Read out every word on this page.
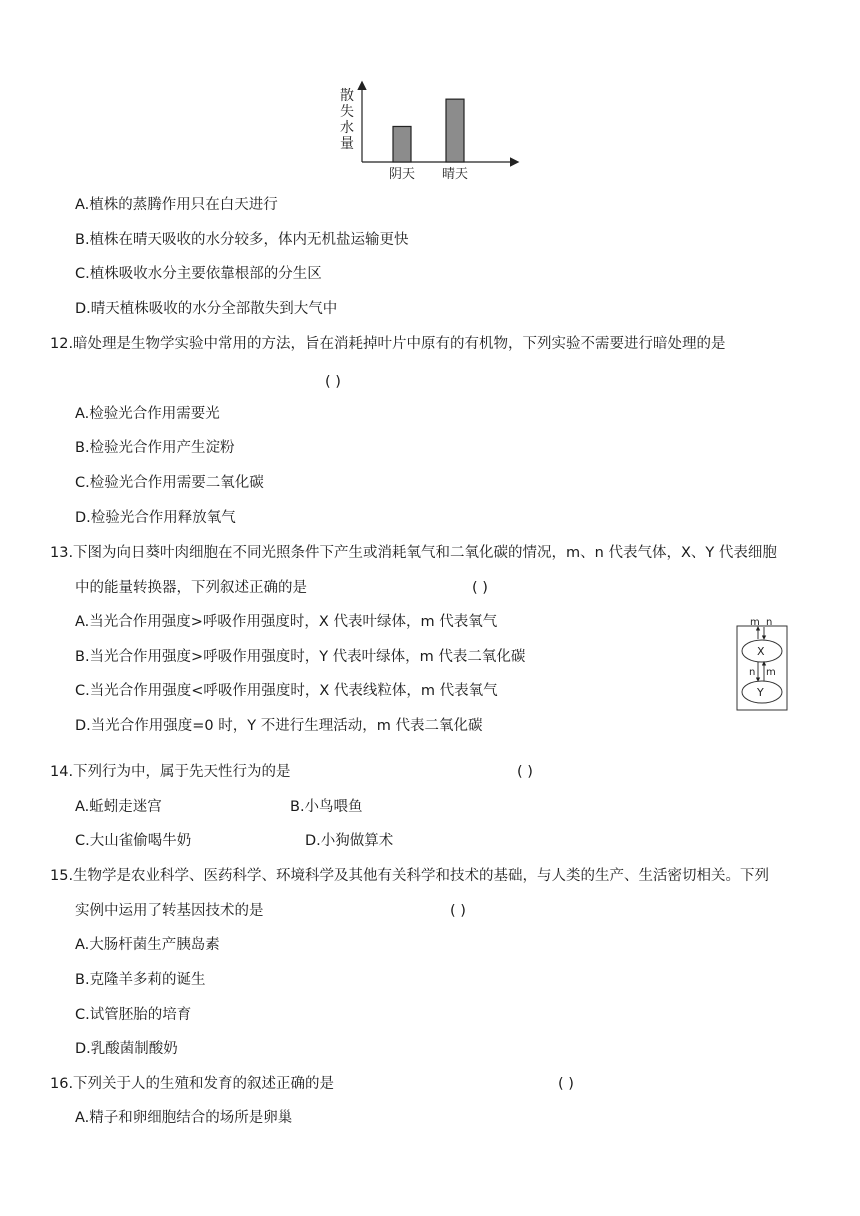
散
失
水
量
阴天 晴天
A.植株的蒸腾作用只在白天进行
B.植株在晴天吸收的水分较多，体内无机盐运输更快
C.植株吸收水分主要依靠根部的分生区
D.晴天植株吸收的水分全部散失到大气中
12.暗处理是生物学实验中常用的方法，旨在消耗掉叶片中原有的有机物，下列实验不需要进行暗处理的是
( )
A.检验光合作用需要光
B.检验光合作用产生淀粉
C.检验光合作用需要二氧化碳
D.检验光合作用释放氧气
13.下图为向日葵叶肉细胞在不同光照条件下产生或消耗氧气和二氧化碳的情况，m、n 代表气体，X、Y 代表细胞
中的能量转换器，下列叙述正确的是	( )
A.当光合作用强度>呼吸作用强度时，X 代表叶绿体，m 代表氧气
B.当光合作用强度>呼吸作用强度时，Y 代表叶绿体，m 代表二氧化碳
C.当光合作用强度<呼吸作用强度时，X 代表线粒体，m 代表氧气
D.当光合作用强度=0 时，Y 不进行生理活动，m 代表二氧化碳
m n
X
n m
Y
14.下列行为中，属于先天性行为的是	( )
A.蚯蚓走迷宫	B.小鸟喂鱼
C.大山雀偷喝牛奶	D.小狗做算术
15.生物学是农业科学、医药科学、环境科学及其他有关科学和技术的基础，与人类的生产、生活密切相关。下列
实例中运用了转基因技术的是	( )
A.大肠杆菌生产胰岛素
B.克隆羊多莉的诞生
C.试管胚胎的培育
D.乳酸菌制酸奶
16.下列关于人的生殖和发育的叙述正确的是	( )
A.精子和卵细胞结合的场所是卵巢
